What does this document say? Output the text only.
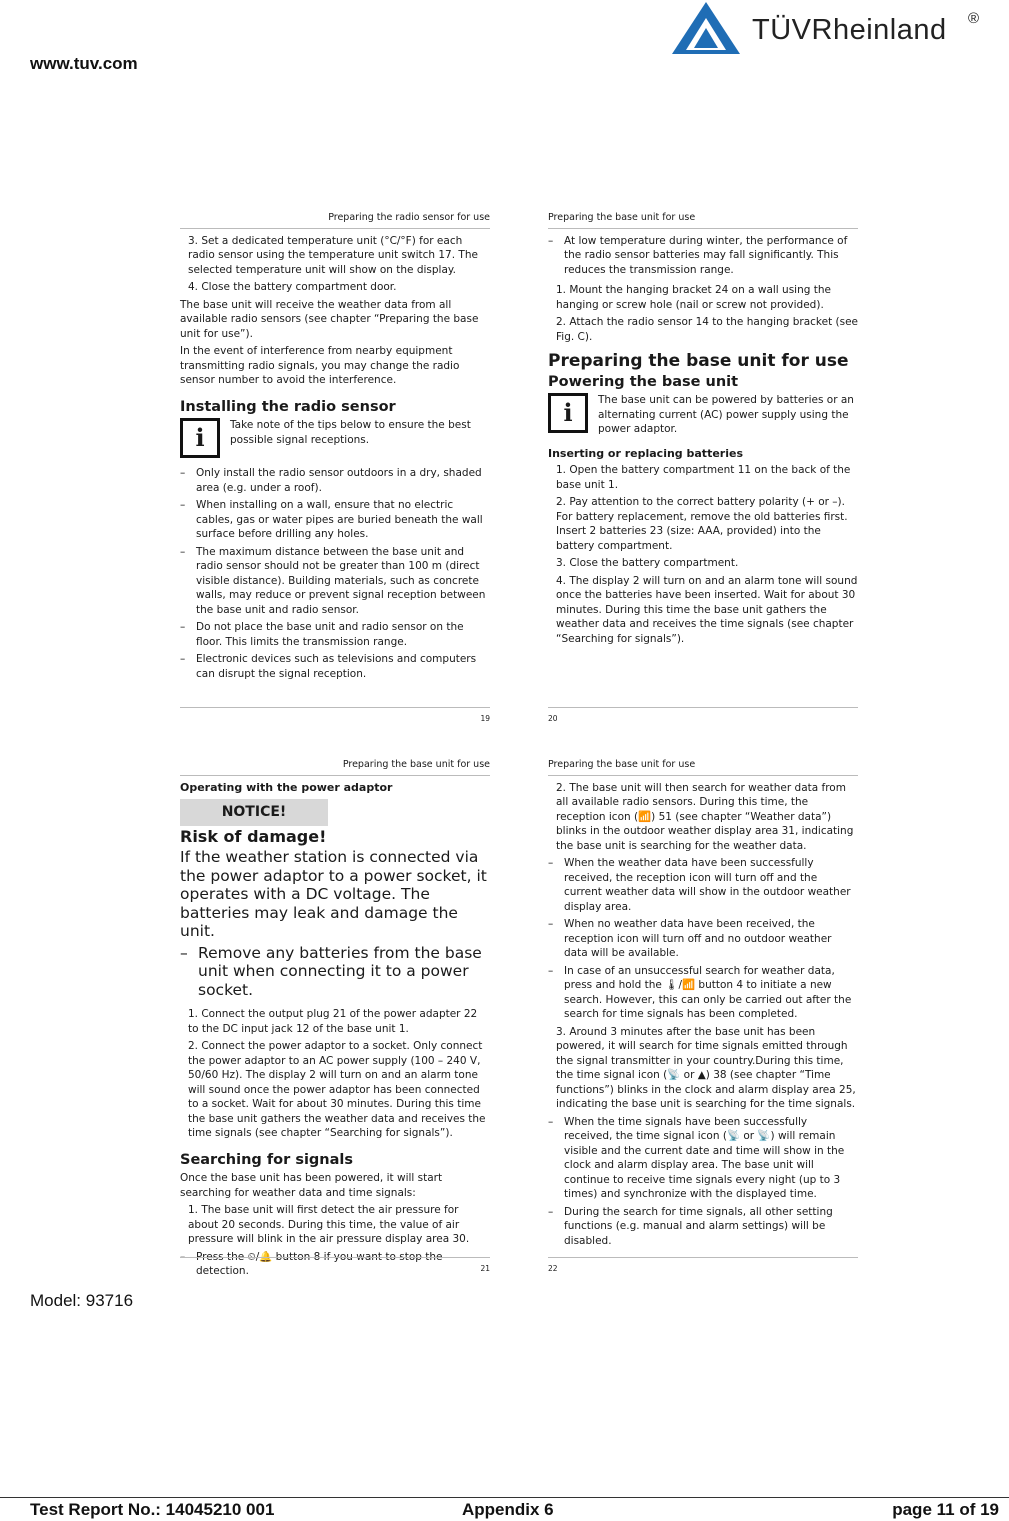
www.tuv.com
TÜVRheinland ®
Preparing the radio sensor for use

3. Set a dedicated temperature unit (°C/°F) for each radio sensor using the temperature unit switch 17. The selected temperature unit will show on the display.

4. Close the battery compartment door.

The base unit will receive the weather data from all available radio sensors (see chapter “Preparing the base unit for use”).

In the event of interference from nearby equipment transmitting radio signals, you may change the radio sensor number to avoid the interference.

Installing the radio sensor
i	Take note of the tips below to ensure the best possible signal receptions.
– Only install the radio sensor outdoors in a dry, shaded area (e.g. under a roof).
– When installing on a wall, ensure that no electric cables, gas or water pipes are buried beneath the wall surface before drilling any holes.
– The maximum distance between the base unit and radio sensor should not be greater than 100 m (direct visible distance). Building materials, such as concrete walls, may reduce or prevent signal reception between the base unit and radio sensor.
– Do not place the base unit and radio sensor on the floor. This limits the transmission range.
– Electronic devices such as televisions and computers can disrupt the signal reception.
19
Preparing the base unit for use
– At low temperature during winter, the performance of the radio sensor batteries may fall significantly. This reduces the transmission range.

1. Mount the hanging bracket 24 on a wall using the hanging or screw hole (nail or screw not provided).

2. Attach the radio sensor 14 to the hanging bracket (see Fig. C).

Preparing the base unit for use
Powering the base unit
i	The base unit can be powered by batteries or an alternating current (AC) power supply using the power adaptor.
Inserting or replacing batteries

1. Open the battery compartment 11 on the back of the base unit 1.

2. Pay attention to the correct battery polarity (+ or –). For battery replacement, remove the old batteries first. Insert 2 batteries 23 (size: AAA, provided) into the battery compartment.

3. Close the battery compartment.

4. The display 2 will turn on and an alarm tone will sound once the batteries have been inserted. Wait for about 30 minutes. During this time the base unit gathers the weather data and receives the time signals (see chapter “Searching for signals”).

20
Preparing the base unit for use
Operating with the power adaptor
NOTICE!
Risk of damage!

If the weather station is connected via the power adaptor to a power socket, it operates with a DC voltage. The batteries may leak and damage the unit.

– Remove any batteries from the base unit when connecting it to a power socket.

1. Connect the output plug 21 of the power adapter 22 to the DC input jack 12 of the base unit 1.

2. Connect the power adaptor to a socket. Only connect the power adaptor to an AC power supply (100 – 240 V, 50/60 Hz). The display 2 will turn on and an alarm tone will sound once the power adaptor has been connected to a socket. Wait for about 30 minutes. During this time the base unit gathers the weather data and receives the time signals (see chapter “Searching for signals”).

Searching for signals

Once the base unit has been powered, it will start searching for weather data and time signals:

1. The base unit will first detect the air pressure for about 20 seconds. During this time, the value of air pressure will blink in the air pressure display area 30.

– Press the ⏲/🔔 button 8 if you want to stop the detection.	21
Preparing the base unit for use

2. The base unit will then search for weather data from all available radio sensors. During this time, the reception icon (📶) 51 (see chapter “Weather data”) blinks in the outdoor weather display area 31, indicating the base unit is searching for the weather data.

– When the weather data have been successfully received, the reception icon will turn off and the current weather data will show in the outdoor weather display area.
– When no weather data have been received, the reception icon will turn off and no outdoor weather data will be available.
– In case of an unsuccessful search for weather data, press and hold the 🌡/📶 button 4 to initiate a new search. However, this can only be carried out after the search for time signals has been completed.

3. Around 3 minutes after the base unit has been powered, it will search for time signals emitted through the signal transmitter in your country.During this time, the time signal icon (📡 or ▲) 38 (see chapter “Time functions”) blinks in the clock and alarm display area 25, indicating the base unit is searching for the time signals.

– When the time signals have been successfully received, the time signal icon (📡 or 📡) will remain visible and the current date and time will show in the clock and alarm display area. The base unit will continue to receive time signals every night (up to 3 times) and synchronize with the displayed time.
– During the search for time signals, all other setting functions (e.g. manual and alarm settings) will be disabled.
22
Model: 93716
Test Report No.: 14045210 001	Appendix 6	page 11 of 19
